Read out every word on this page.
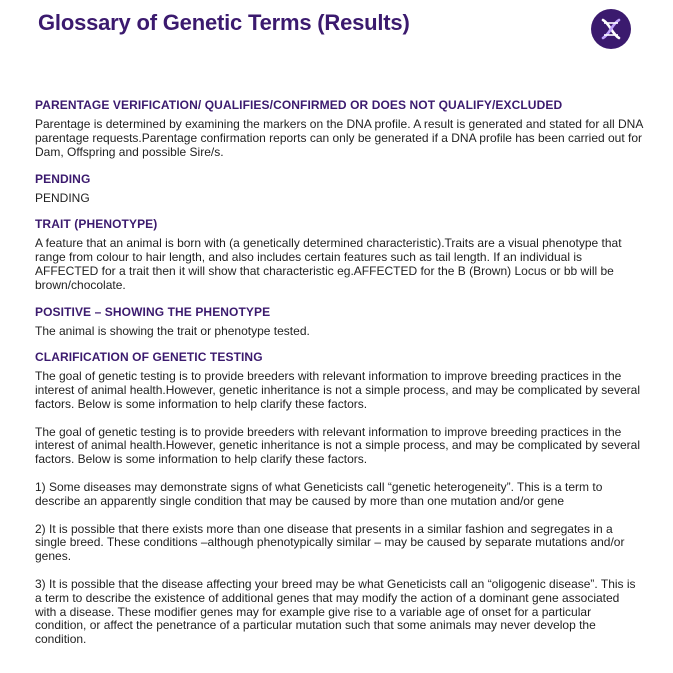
Glossary of Genetic Terms (Results)
PARENTAGE VERIFICATION/ QUALIFIES/CONFIRMED OR DOES NOT QUALIFY/EXCLUDED
Parentage is determined by examining the markers on the DNA profile. A result is generated and stated for all DNA parentage requests.Parentage confirmation reports can only be generated if a DNA profile has been carried out for Dam, Offspring and possible Sire/s.
PENDING
PENDING
TRAIT (PHENOTYPE)
A feature that an animal is born with (a genetically determined characteristic).Traits are a visual phenotype that range from colour to hair length, and also includes certain features such as tail length. If an individual is AFFECTED for a trait then it will show that characteristic eg.AFFECTED for the B (Brown) Locus or bb will be brown/chocolate.
POSITIVE – SHOWING THE PHENOTYPE
The animal is showing the trait or phenotype tested.
CLARIFICATION OF GENETIC TESTING
The goal of genetic testing is to provide breeders with relevant information to improve breeding practices in the interest of animal health.However, genetic inheritance is not a simple process, and may be complicated by several factors. Below is some information to help clarify these factors.
The goal of genetic testing is to provide breeders with relevant information to improve breeding practices in the interest of animal health.However, genetic inheritance is not a simple process, and may be complicated by several factors. Below is some information to help clarify these factors.
1) Some diseases may demonstrate signs of what Geneticists call “genetic heterogeneity”. This is a term to describe an apparently single condition that may be caused by more than one mutation and/or gene
2) It is possible that there exists more than one disease that presents in a similar fashion and segregates in a single breed. These conditions –although phenotypically similar – may be caused by separate mutations and/or genes.
3) It is possible that the disease affecting your breed may be what Geneticists call an “oligogenic disease”. This is a term to describe the existence of additional genes that may modify the action of a dominant gene associated with a disease. These modifier genes may for example give rise to a variable age of onset for a particular condition, or affect the penetrance of a particular mutation such that some animals may never develop the condition.
